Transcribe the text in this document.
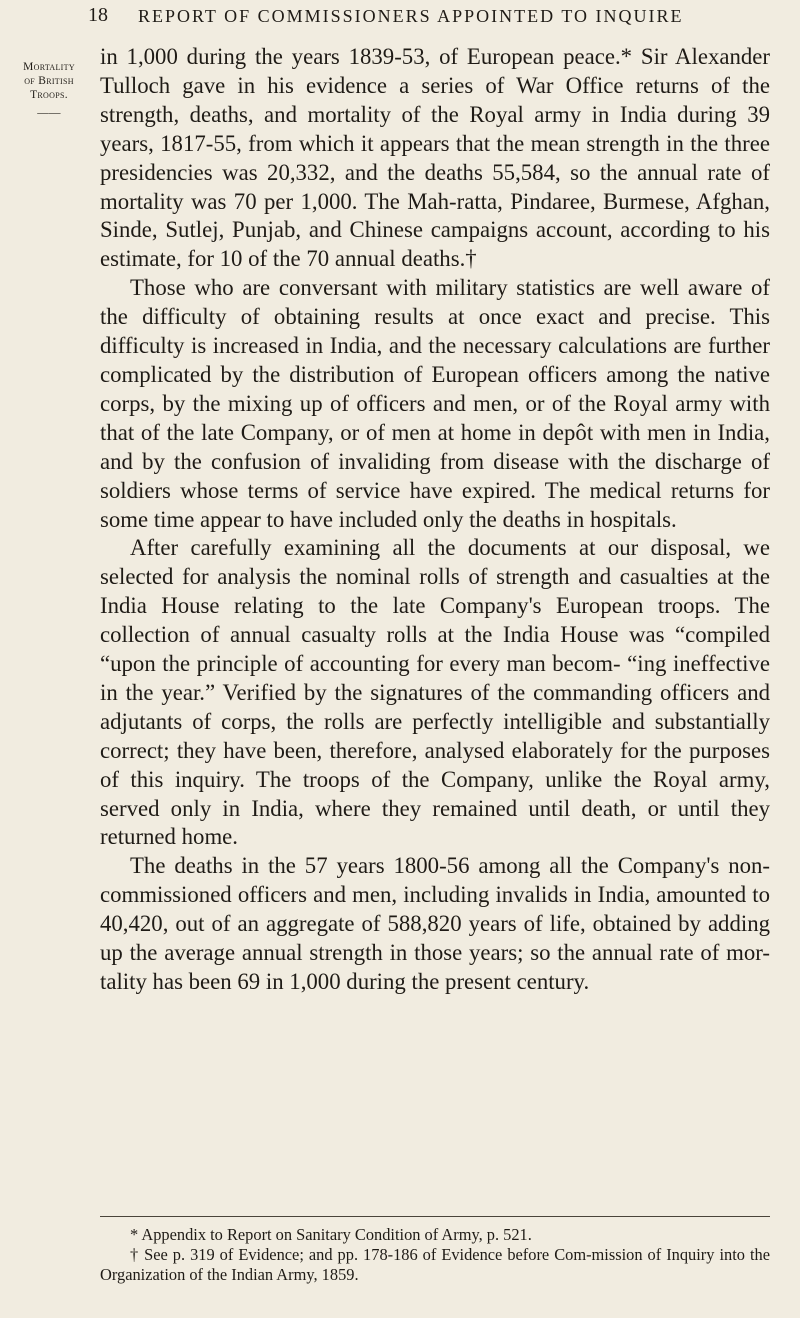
18 REPORT OF COMMISSIONERS APPOINTED TO INQUIRE
Mortality
of British
Troops.
——

in 1,000 during the years 1839-53, of European peace.* Sir Alexander Tulloch gave in his evidence a series of War Office returns of the strength, deaths, and mortality of the Royal army in India during 39 years, 1817-55, from which it appears that the mean strength in the three presidencies was 20,332, and the deaths 55,584, so the annual rate of mortality was 70 per 1,000. The Mah-ratta, Pindaree, Burmese, Afghan, Sinde, Sutlej, Punjab, and Chinese campaigns account, according to his estimate, for 10 of the 70 annual deaths.†

Those who are conversant with military statistics are well aware of the difficulty of obtaining results at once exact and precise. This difficulty is increased in India, and the necessary calculations are further complicated by the distribution of European officers among the native corps, by the mixing up of officers and men, or of the Royal army with that of the late Company, or of men at home in depôt with men in India, and by the confusion of invaliding from disease with the discharge of soldiers whose terms of service have expired. The medical returns for some time appear to have included only the deaths in hospitals.

After carefully examining all the documents at our disposal, we selected for analysis the nominal rolls of strength and casualties at the India House relating to the late Company's European troops. The collection of annual casualty rolls at the India House was “compiled “upon the principle of accounting for every man becom- “ing ineffective in the year.” Verified by the signatures of the commanding officers and adjutants of corps, the rolls are perfectly intelligible and substantially correct; they have been, therefore, analysed elaborately for the purposes of this inquiry. The troops of the Company, unlike the Royal army, served only in India, where they remained until death, or until they returned home.

The deaths in the 57 years 1800-56 among all the Company's non-commissioned officers and men, including invalids in India, amounted to 40,420, out of an aggregate of 588,820 years of life, obtained by adding up the average annual strength in those years; so the annual rate of mor-tality has been 69 in 1,000 during the present century.

* Appendix to Report on Sanitary Condition of Army, p. 521.

† See p. 319 of Evidence; and pp. 178-186 of Evidence before Com-mission of Inquiry into the Organization of the Indian Army, 1859.
